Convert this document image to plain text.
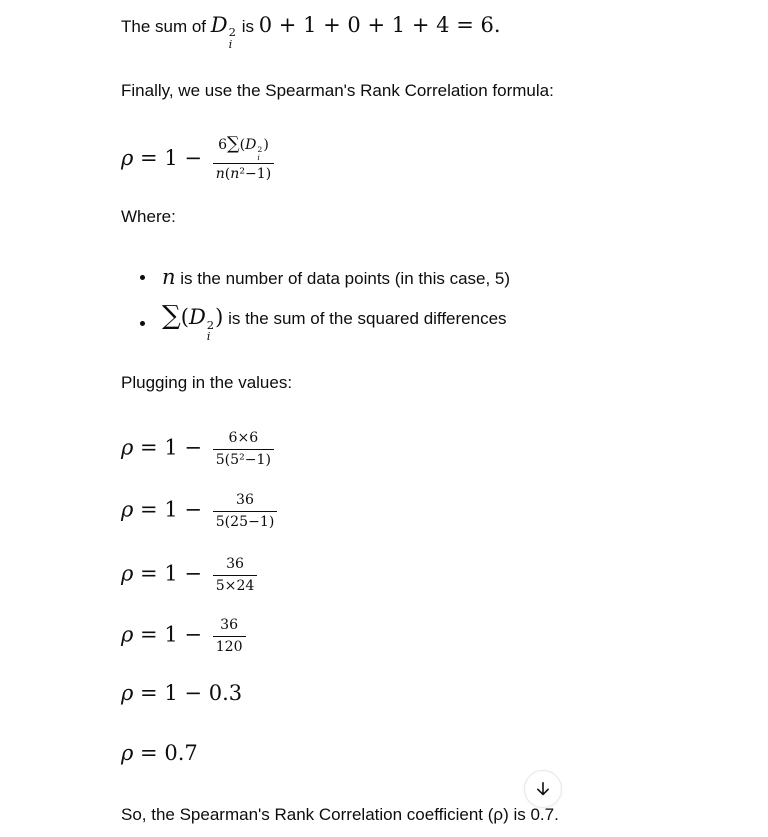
The sum of D 2
i
is 0 + 1 + 0 + 1 + 4 = 6.

Finally, we use the Spearman's Rank Correlation formula:

ρ = 1 − 6∑(D 2
i
)
n(n²−1)

Where:

n is the number of data points (in this case, 5)
∑(D 2
i
) is the sum of the squared differences

Plugging in the values:

$\rho = 1 - \frac{6\times 6}{\text{5(5²−1)}}$

$\rho = 1 - \frac{36}{5(25-1)}$

$\rho = 1 - \frac{36}{5\times 24}$

$\rho = 1 - \frac{36}{120}$

ρ = 1 − 0.3

ρ = 0.7

So, the Spearman's Rank Correlation coefficient (ρ) is 0.7.
